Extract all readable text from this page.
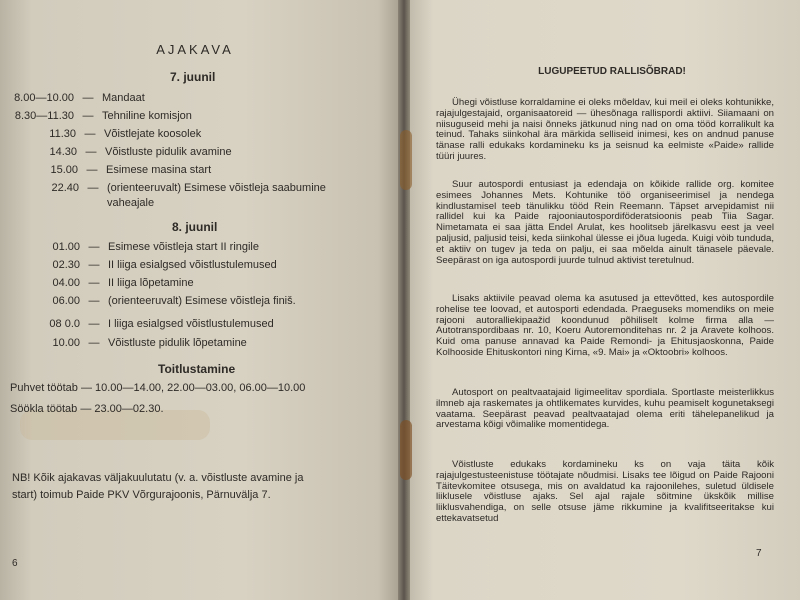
AJAKAVA
7. juunil
8.00—10.00 — Mandaat
8.30—11.30 — Tehniline komisjon
11.30 — Võistlejate koosolek
14.30 — Võistluste pidulik avamine
15.00 — Esimese masina start
22.40 — (orienteeruvalt) Esimese võistleja saabumine
vaheajale
8. juunil
01.00 — Esimese võistleja start II ringile
02.30 — II liiga esialgsed võistlustulemused
04.00 — II liiga lõpetamine
06.00 — (orienteeruvalt) Esimese võistleja finiš.
08 0.0 — I liiga esialgsed võistlustulemused
10.00 — Võistluste pidulik lõpetamine
Toitlustamine
Puhvet töötab — 10.00—14.00, 22.00—03.00, 06.00—10.00
Söökla töötab — 23.00—02.30.
NB! Kõik ajakavas väljakuulutatu (v. a. võistluste avamine ja
start) toimub Paide PKV Võrgurajoonis, Pärnuvälja 7.
6
LUGUPEETUD RALLISÕBRAD!
Ühegi võistluse korraldamine ei oleks mõeldav, kui meil ei oleks kohtunikke, rajajulgestajaid, organisaatoreid — ühesõnaga rallispordi aktiivi. Siiamaani on niisuguseid mehi ja naisi õnneks jätkunud ning nad on oma tööd korralikult ka teinud. Tahaks siinkohal ära märkida selliseid inimesi, kes on andnud panuse tänase ralli edukaks kordamineku ks ja seisnud ka eelmiste «Paide» rallide tüüri juures.
Suur autospordi entusiast ja edendaja on kõikide rallide org. komitee esimees Johannes Mets. Kohtunike töö organiseerimisel ja nendega kindlustamisel teeb tänulikku tööd Rein Reemann. Täpset arvepidamist nii rallidel kui ka Paide rajooniautospordiföderatsioonis peab Tiia Sagar. Nimetamata ei saa jätta Endel Arulat, kes hoolitseb järelkasvu eest ja veel paljusid, paljusid teisi, keda siinkohal ülesse ei jõua lugeda. Kuigi vòib tunduda, et aktiiv on tugev ja teda on palju, ei saa mõelda ainult tänasele päevale. Seepärast on iga autospordi juurde tulnud aktivist teretulnud.
Lisaks aktiivile peavad olema ka asutused ja ettevõtted, kes autospordile rohelise tee loovad, et autosporti edendada. Praeguseks momendiks on meie rajooni autoralliekipaažid koondunud põhiliselt kolme firma alla — Autotranspordibaas nr. 10, Koeru Autoremonditehas nr. 2 ja Aravete kolhoos. Kuid oma panuse annavad ka Paide Remondi- ja Ehitusjaoskonna, Paide Kolhooside Ehituskontori ning Kirna, «9. Mai» ja «Oktoobri» kolhoos.
Autosport on pealtvaatajaid ligimeelitav spordiala. Sportlaste meisterlikkus ilmneb aja raskemates ja ohtlikemates kurvides, kuhu peamiselt kogunetaksegi vaatama. Seepärast peavad pealtvaatajad olema eriti tähelepanelikud ja arvestama kõigi võimalike momentidega.
Võistluste edukaks kordamineku ks on vaja täita kõik rajajulgestusteenistuse töötajate nõudmisi. Lisaks tee lõigud on Paide Rajooni Täitevkomitee otsusega, mis on avaldatud ka rajoonilehes, suletud üldisele liiklusele võistluse ajaks. Sel ajal rajale sõitmine ükskõik millise liiklusvahendiga, on selle otsuse jäme rikkumine ja kvalifitseeritakse kui ettekavatsetud
7
